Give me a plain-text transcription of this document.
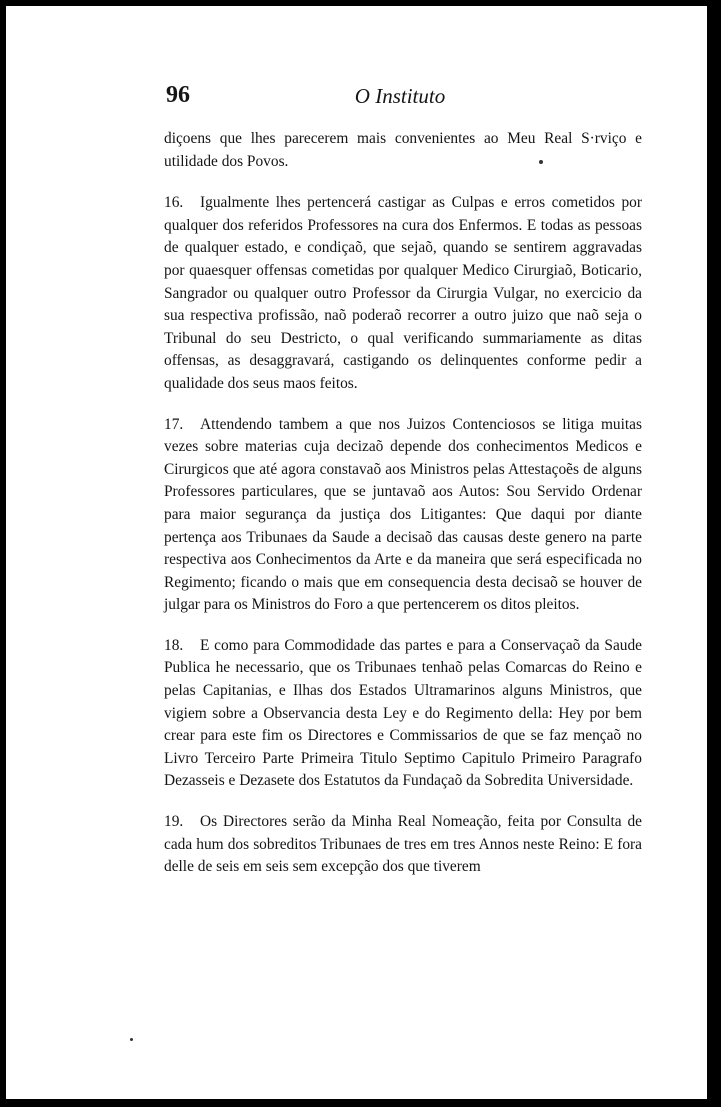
96	O Instituto

diçoens que lhes parecerem mais convenientes ao Meu Real S·rviço e utilidade dos Povos.

16. Igualmente lhes pertencerá castigar as Culpas e erros cometidos por qualquer dos referidos Professores na cura dos Enfermos. E todas as pessoas de qualquer estado, e condiçaõ, que sejaõ, quando se sentirem aggravadas por quaesquer offensas cometidas por qualquer Medico Cirurgiaõ, Boticario, Sangrador ou qualquer outro Professor da Cirurgia Vulgar, no exercicio da sua respectiva profissão, naõ poderaõ recorrer a outro juizo que naõ seja o Tribunal do seu Destricto, o qual verificando summariamente as ditas offensas, as desaggravará, castigando os delinquentes conforme pedir a qualidade dos seus maos feitos.

17. Attendendo tambem a que nos Juizos Contenciosos se litiga muitas vezes sobre materias cuja decizaõ depende dos conhecimentos Medicos e Cirurgicos que até agora constavaõ aos Ministros pelas Attestaçoẽs de alguns Professores particulares, que se juntavaõ aos Autos: Sou Servido Ordenar para maior segurança da justiça dos Litigantes: Que daqui por diante pertença aos Tribunaes da Saude a decisaõ das causas deste genero na parte respectiva aos Conhecimentos da Arte e da maneira que será especificada no Regimento; ficando o mais que em consequencia desta decisaõ se houver de julgar para os Ministros do Foro a que pertencerem os ditos pleitos.

18. E como para Commodidade das partes e para a Conservaçaõ da Saude Publica he necessario, que os Tribunaes tenhaõ pelas Comarcas do Reino e pelas Capitanias, e Ilhas dos Estados Ultramarinos alguns Ministros, que vigiem sobre a Observancia desta Ley e do Regimento della: Hey por bem crear para este fim os Directores e Commissarios de que se faz mençaõ no Livro Terceiro Parte Primeira Titulo Septimo Capitulo Primeiro Paragrafo Dezasseis e Dezasete dos Estatutos da Fundaçaõ da Sobredita Universidade.

19. Os Directores serão da Minha Real Nomeação, feita por Consulta de cada hum dos sobreditos Tribunaes de tres em tres Annos neste Reino: E fora delle de seis em seis sem excepção dos que tiverem
